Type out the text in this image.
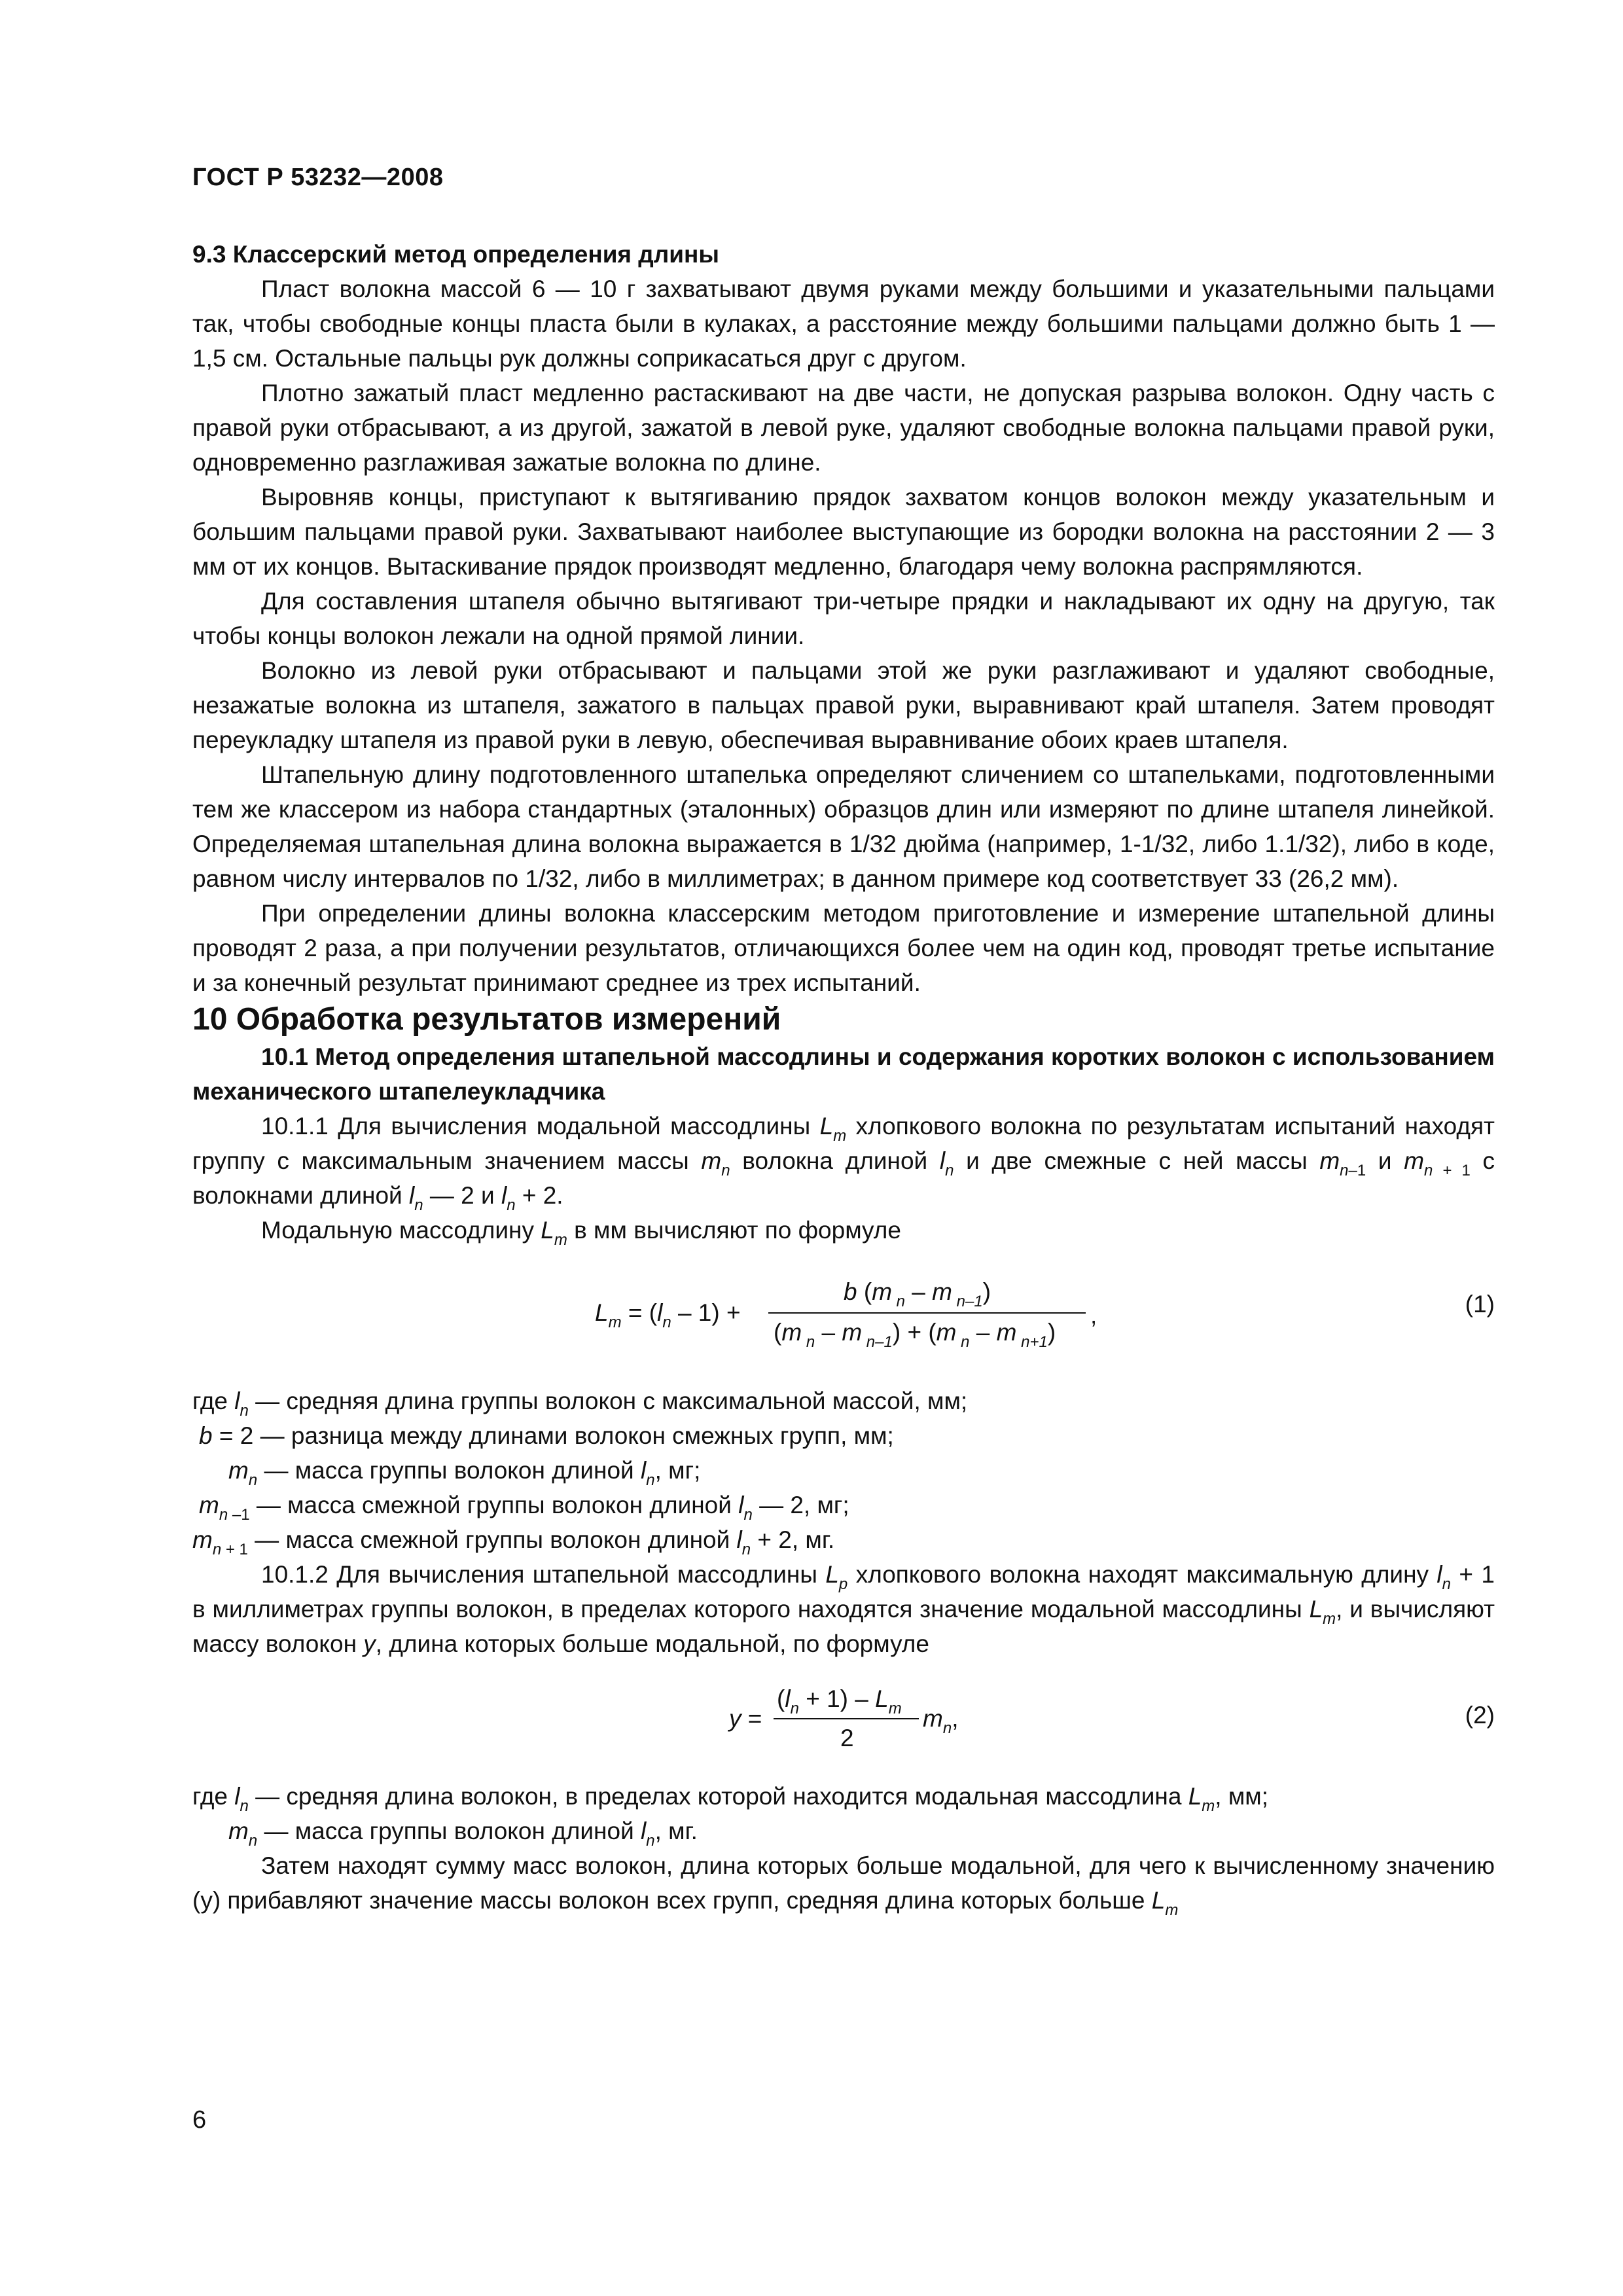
ГОСТ Р 53232—2008

9.3 Классерский метод определения длины

Пласт волокна массой 6 — 10 г захватывают двумя руками между большими и указательными пальцами так, чтобы свободные концы пласта были в кулаках, а расстояние между большими пальцами должно быть 1 — 1,5 см. Остальные пальцы рук должны соприкасаться друг с другом.

Плотно зажатый пласт медленно растаскивают на две части, не допуская разрыва волокон. Одну часть с правой руки отбрасывают, а из другой, зажатой в левой руке, удаляют свободные волокна пальцами правой руки, одновременно разглаживая зажатые волокна по длине.

Выровняв концы, приступают к вытягиванию прядок захватом концов волокон между указательным и большим пальцами правой руки. Захватывают наиболее выступающие из бородки волокна на расстоянии 2 — 3 мм от их концов. Вытаскивание прядок производят медленно, благодаря чему волокна распрямляются.

Для составления штапеля обычно вытягивают три-четыре прядки и накладывают их одну на другую, так чтобы концы волокон лежали на одной прямой линии.

Волокно из левой руки отбрасывают и пальцами этой же руки разглаживают и удаляют свободные, незажатые волокна из штапеля, зажатого в пальцах правой руки, выравнивают край штапеля. Затем проводят переукладку штапеля из правой руки в левую, обеспечивая выравнивание обоих краев штапеля.

Штапельную длину подготовленного штапелька определяют сличением со штапельками, подготовленными тем же классером из набора стандартных (эталонных) образцов длин или измеряют по длине штапеля линейкой. Определяемая штапельная длина волокна выражается в 1/32 дюйма (например, 1-1/32, либо 1.1/32), либо в коде, равном числу интервалов по 1/32, либо в миллиметрах; в данном примере код соответствует 33 (26,2 мм).

При определении длины волокна классерским методом приготовление и измерение штапельной длины проводят 2 раза, а при получении результатов, отличающихся более чем на один код, проводят третье испытание и за конечный результат принимают среднее из трех испытаний.

10 Обработка результатов измерений

10.1 Метод определения штапельной массодлины и содержания коротких волокон с использованием механического штапелеукладчика

10.1.1 Для вычисления модальной массодлины $L_m$ хлопкового волокна по результатам испытаний находят группу с максимальным значением массы $m_n$ волокна длиной $l_n$ и две смежные с ней массы $m_{n-1}$ и $m_{n + 1}$ с волокнами длиной $l_n$ — 2 и $l_n + 2$.

Модальную массодлину $L_m$ в мм вычисляют по формуле

$L_m = (l_n - 1)$ +
b (m $_n$ – m $_{n-1}$)
(m $_n$ – m $_{n-1}$) + (m $_n$ – m $_{n+1}$)
,	(1)

где $l_n$ — средняя длина группы волокон с максимальной массой, мм;

b = 2 — разница между длинами волокон смежных групп, мм;

$m_n$ — масса группы волокон длиной $l_n$, мг;

$m_{n -1}$ — масса смежной группы волокон длиной $l_n$ — 2, мг;

$m_{n + 1}$ — масса смежной группы волокон длиной $l_n + 2$, мг.

10.1.2 Для вычисления штапельной массодлины $L_p$ хлопкового волокна находят максимальную длину $l_n + 1$ в миллиметрах группы волокон, в пределах которого находятся значение модальной массодлины $L_m$, и вычисляют массу волокон y, длина которых больше модальной, по формуле

y =
$(l_n + 1) - L_m$
2
$m_n$,	(2)

где $l_n$ — средняя длина волокон, в пределах которой находится модальная массодлина $L_m$, мм;

$m_n$ — масса группы волокон длиной $l_n$, мг.

Затем находят сумму масс волокон, длина которых больше модальной, для чего к вычисленному значению (y) прибавляют значение массы волокон всех групп, средняя длина которых больше $L_m$

6
